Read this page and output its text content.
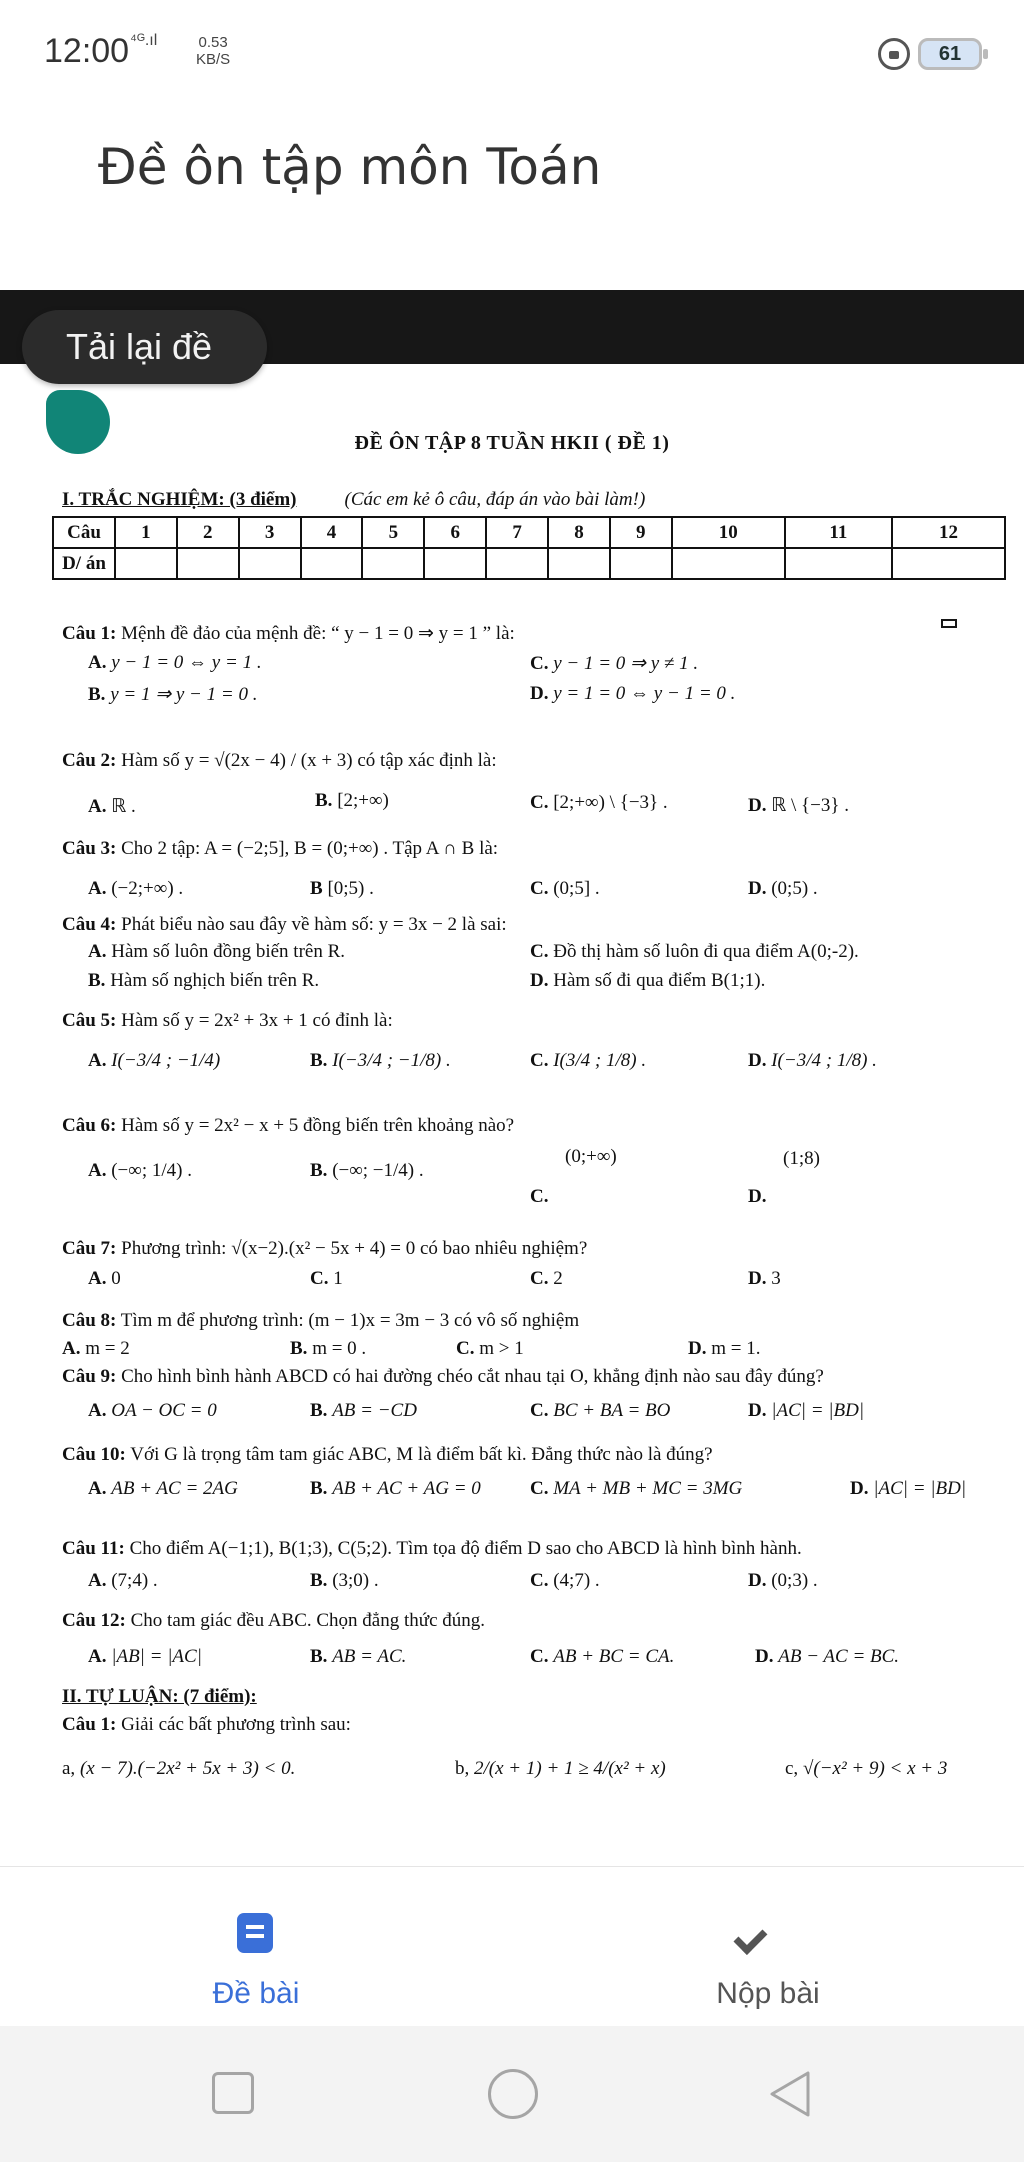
12:00 ⁴ᴳ.ıl	0.53
KB/S	61
Đề ôn tập môn Toán
Tải lại đề
ĐỀ ÔN TẬP 8 TUẦN HKII ( ĐỀ 1)
I. TRẮC NGHIỆM: (3 điểm)	(Các em kẻ ô câu, đáp án vào bài làm!)
Câu	1	2	3	4	5	6	7	8	9	10	11	12
D/ án												
Câu 1: Mệnh đề đảo của mệnh đề: “ y − 1 = 0 ⇒ y = 1 ” là:
A. y − 1 = 0 ⇔ y = 1 .	C. y − 1 = 0 ⇒ y ≠ 1 .
B. y = 1 ⇒ y − 1 = 0 .	D. y = 1 = 0 ⇔ y − 1 = 0 .
Câu 2: Hàm số y = √(2x − 4) / (x + 3) có tập xác định là:
A. ℝ .	B. [2;+∞)	C. [2;+∞) \ {−3} .	D. ℝ \ {−3} .
Câu 3: Cho 2 tập: A = (−2;5], B = (0;+∞) . Tập A ∩ B là:
A. (−2;+∞) .	B [0;5) .	C. (0;5] .	D. (0;5) .
Câu 4: Phát biểu nào sau đây về hàm số: y = 3x − 2 là sai:
A. Hàm số luôn đồng biến trên R.	C. Đồ thị hàm số luôn đi qua điểm A(0;-2).
B. Hàm số nghịch biến trên R.	D. Hàm số đi qua điểm B(1;1).
Câu 5: Hàm số y = 2x² + 3x + 1 có đỉnh là:
A. I(−3/4 ; −1/4)	B. I(−3/4 ; −1/8) .	C. I(3/4 ; 1/8) .	D. I(−3/4 ; 1/8) .
Câu 6: Hàm số y = 2x² − x + 5 đồng biến trên khoảng nào?
A. (−∞; 1/4) .	B. (−∞; −1/4) .
(0;+∞)
C.
(1;8)
D.
Câu 7: Phương trình: √(x−2).(x² − 5x + 4) = 0 có bao nhiêu nghiệm?
A. 0	C. 1	C. 2	D. 3
Câu 8: Tìm m để phương trình: (m − 1)x = 3m − 3 có vô số nghiệm
A. m = 2	B. m = 0 .	C. m > 1	D. m = 1.
Câu 9: Cho hình bình hành ABCD có hai đường chéo cắt nhau tại O, khẳng định nào sau đây đúng?
A. OA − OC = 0	B. AB = −CD	C. BC + BA = BO	D. |AC| = |BD|
Câu 10: Với G là trọng tâm tam giác ABC, M là điểm bất kì. Đẳng thức nào là đúng?
A. AB + AC = 2AG	B. AB + AC + AG = 0	C. MA + MB + MC = 3MG	D. |AC| = |BD|
Câu 11: Cho điểm A(−1;1), B(1;3), C(5;2). Tìm tọa độ điểm D sao cho ABCD là hình bình hành.
A. (7;4) .	B. (3;0) .	C. (4;7) .	D. (0;3) .
Câu 12: Cho tam giác đều ABC. Chọn đẳng thức đúng.
A. |AB| = |AC|	B. AB = AC.	C. AB + BC = CA.	D. AB − AC = BC.
II. TỰ LUẬN: (7 điểm):
Câu 1: Giải các bất phương trình sau:
a, (x − 7).(−2x² + 5x + 3) < 0.	b, 2/(x + 1) + 1 ≥ 4/(x² + x)	c, √(−x² + 9) < x + 3
Đề bài	Nộp bài
